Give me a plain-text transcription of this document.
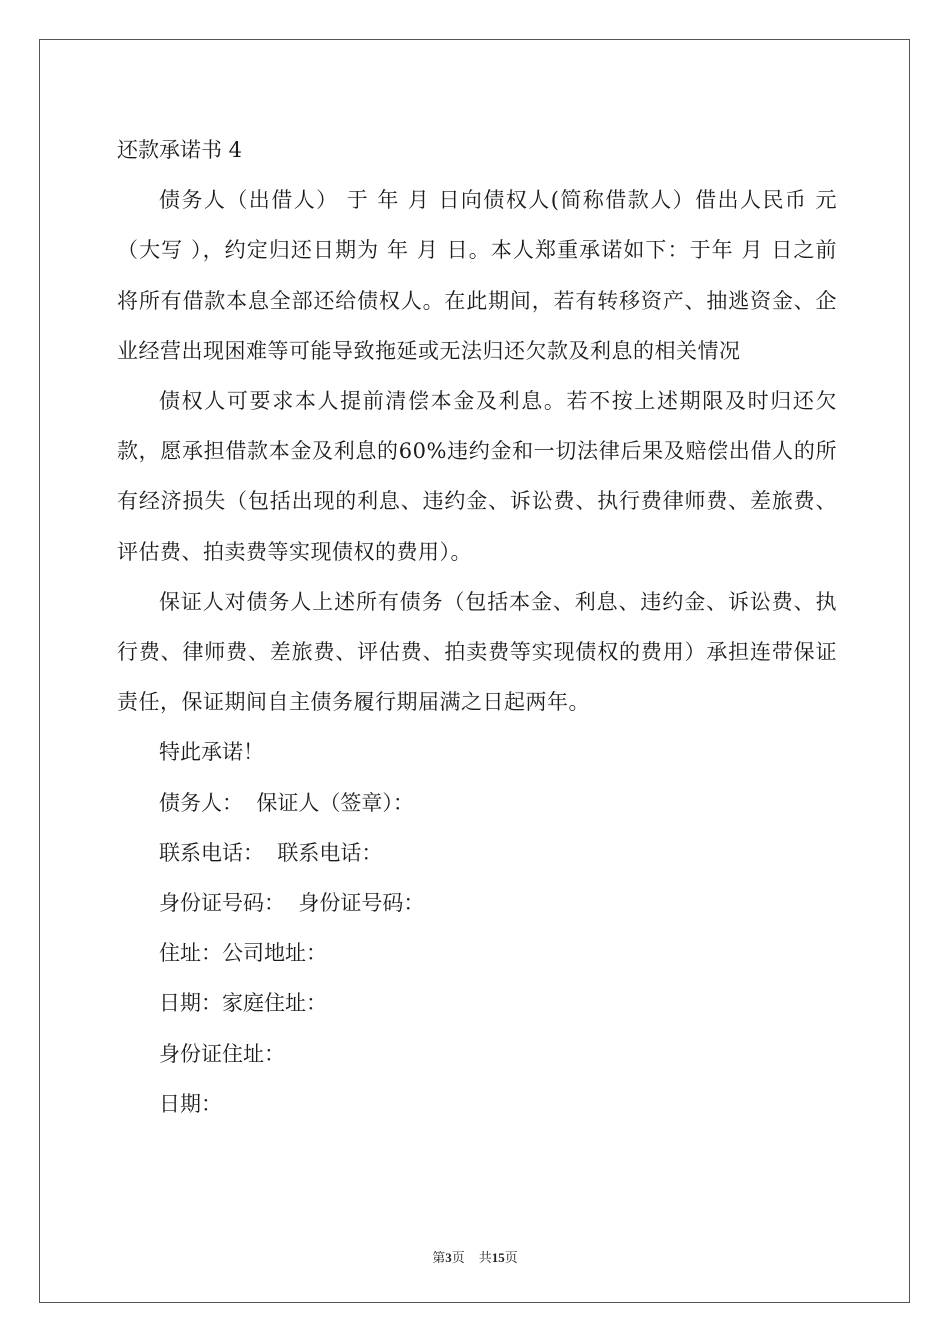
还款承诺书 4

债务人（出借人） 于 年 月 日向债权人(简称借款人）借出人民币 元（大写 ），约定归还日期为 年 月 日。本人郑重承诺如下：于年 月 日之前将所有借款本息全部还给债权人。在此期间，若有转移资产、抽逃资金、企业经营出现困难等可能导致拖延或无法归还欠款及利息的相关情况

债权人可要求本人提前清偿本金及利息。若不按上述期限及时归还欠款，愿承担借款本金及利息的60%违约金和一切法律后果及赔偿出借人的所有经济损失（包括出现的利息、违约金、诉讼费、执行费律师费、差旅费、评估费、拍卖费等实现债权的费用）。

保证人对债务人上述所有债务（包括本金、利息、违约金、诉讼费、执行费、律师费、差旅费、评估费、拍卖费等实现债权的费用）承担连带保证责任，保证期间自主债务履行期届满之日起两年。

特此承诺！

债务人：  保证人（签章）：

联系电话：  联系电话：

身份证号码：  身份证号码：

住址：公司地址：

日期：家庭住址：

身份证住址：

日期：

第3页 共15页
